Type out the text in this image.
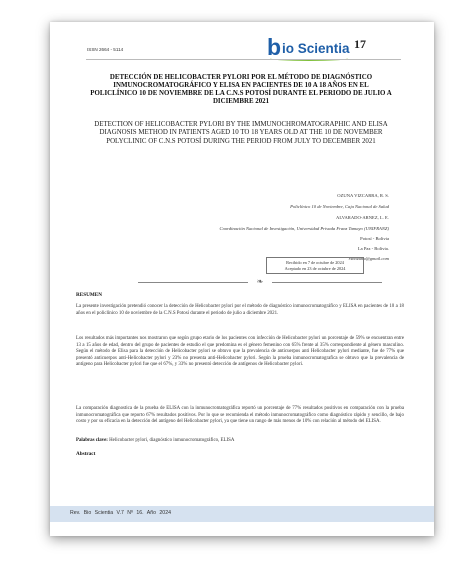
ISSN 2664 - 5114	b io Scientia 17
DETECCIÓN DE HELICOBACTER PYLORI POR EL MÉTODO DE DIAGNÓSTICO INMUNOCROMATOGRÁFICO Y ELISA EN PACIENTES DE 10 A 18 AÑOS EN EL POLICLÍNICO 10 DE NOVIEMBRE DE LA C.N.S POTOSÍ DURANTE EL PERIODO DE JULIO A DICIEMBRE 2021
DETECTION OF HELICOBACTER PYLORI BY THE IMMUNOCHROMATOGRAPHIC AND ELISA DIAGNOSIS METHOD IN PATIENTS AGED 10 TO 18 YEARS OLD AT THE 10 DE NOVEMBER POLYCLINIC OF C.N.S POTOSÍ DURING THE PERIOD FROM JULY TO DECEMBER 2021
OZUNA VIZCARRA, R. S.
Policlínico 10 de Noviembre, Caja Nacional de Salud
ALVARADO-ARNEZ, L. E.
Coordinación Nacional de Investigación, Universidad Privada Franz Tamayo (UNIFRANZ)
Potosí - Bolivia
La Paz - Bolivia.
rsnozuna@gmail.com
Recibido en 7 de octubre de 2024
Aceptado en 23 de octubre de 2024
❧
RESUMEN
La presente investigación pretendió conocer la detección de Helicobacter pylori por el método de diagnóstico inmunocromatográfico y ELISA en pacientes de 10 a 18 años en el policlínico 10 de noviembre de la C.N.S Potosí durante el periodo de julio a diciembre 2021.
Los resultados más importantes nos mostraron que según grupo etario de los pacientes con infección de Helicobacter pylori un porcentaje de 59% se encuentran entre 13 a 15 años de edad, dentro del grupo de pacientes de estudio el que predomina es el género femenino con 65% frente al 35% correspondiente al género masculino. Según el método de Elisa para la detección de Helicobacter pylori se obtuvo que la prevalencia de anticuerpos anti Helicobacter pylori mediante, fue de 77% que presentó anticuerpos anti-Helicobacter pylori y 23% no presenta anti-Helicobacter pylori. Según la prueba inmunocromatografica se obtuvo que la prevalencia de antígeno para Helicobacter pylori fue que el 67%, y 33% no presentó detección de antígenos de Helicobacter pylori.
La comparación diagnostica de la prueba de ELISA con la inmunocromatográfica reportó un porcentaje de 77% resultados positivos en comparación con la prueba inmunocromatográfica que reporto 67% resultados positivos. Por lo que se recomienda el método inmunocromatográfico como diagnóstico rápido y sencillo, de bajo costo y por su eficacia en la detección del antígeno del Helicobacter pylori, ya que tiene un rango de más menos de 10% con relación al método del ELISA.
Palabras clave: Helicobacter pylori, diagnóstico inmunocromatográfico, ELISA
Abstract
Rev. Bio Scientia V.7 Nº 16. Año 2024
